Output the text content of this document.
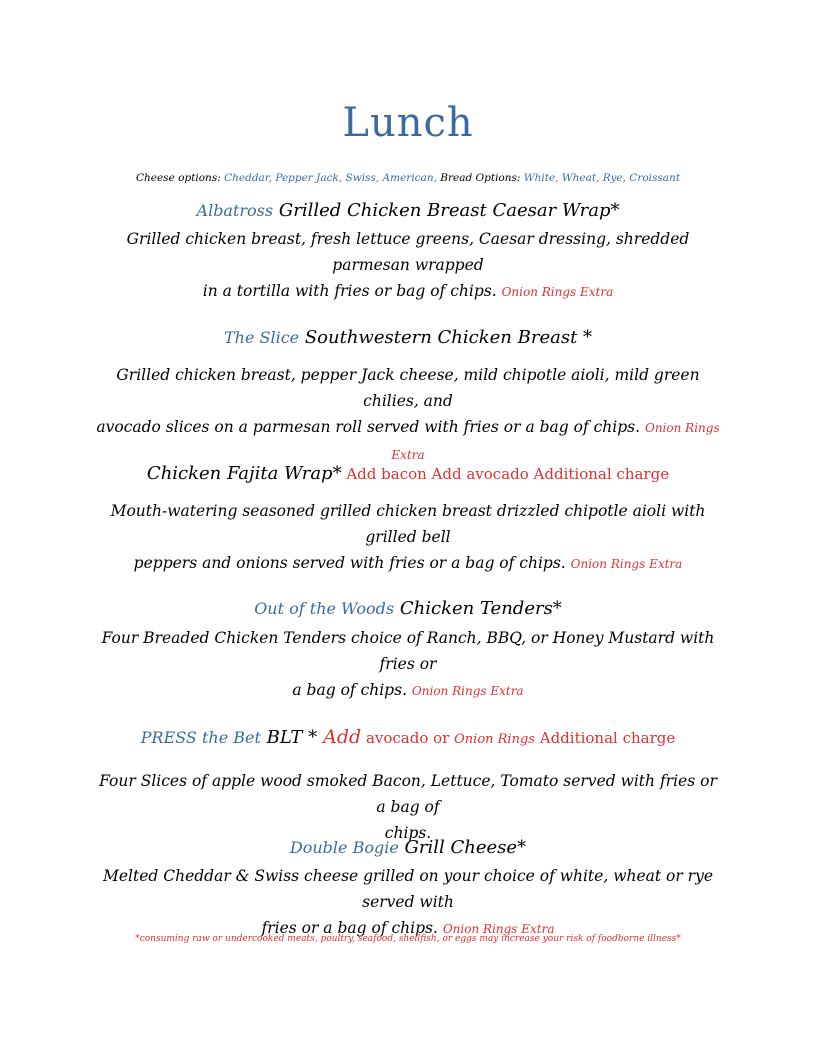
Lunch
Cheese options: Cheddar, Pepper Jack, Swiss, American, Bread Options: White, Wheat, Rye, Croissant
Albatross Grilled Chicken Breast Caesar Wrap*
Grilled chicken breast, fresh lettuce greens, Caesar dressing, shredded parmesan wrapped
in a tortilla with fries or bag of chips. Onion Rings Extra
The Slice Southwestern Chicken Breast *
Grilled chicken breast, pepper Jack cheese, mild chipotle aioli, mild green chilies, and
avocado slices on a parmesan roll served with fries or a bag of chips. Onion Rings Extra
Chicken Fajita Wrap* Add bacon Add avocado Additional charge
Mouth-watering seasoned grilled chicken breast drizzled chipotle aioli with grilled bell
peppers and onions served with fries or a bag of chips. Onion Rings Extra
Out of the Woods Chicken Tenders*
Four Breaded Chicken Tenders choice of Ranch, BBQ, or Honey Mustard with fries or
a bag of chips. Onion Rings Extra
PRESS the Bet BLT * Add avocado or Onion Rings Additional charge
Four Slices of apple wood smoked Bacon, Lettuce, Tomato served with fries or a bag of
chips.
Double Bogie Grill Cheese*
Melted Cheddar & Swiss cheese grilled on your choice of white, wheat or rye served with
fries or a bag of chips. Onion Rings Extra
*consuming raw or undercooked meats, poultry, seafood, shellfish, or eggs may increase your risk of foodborne illness*
